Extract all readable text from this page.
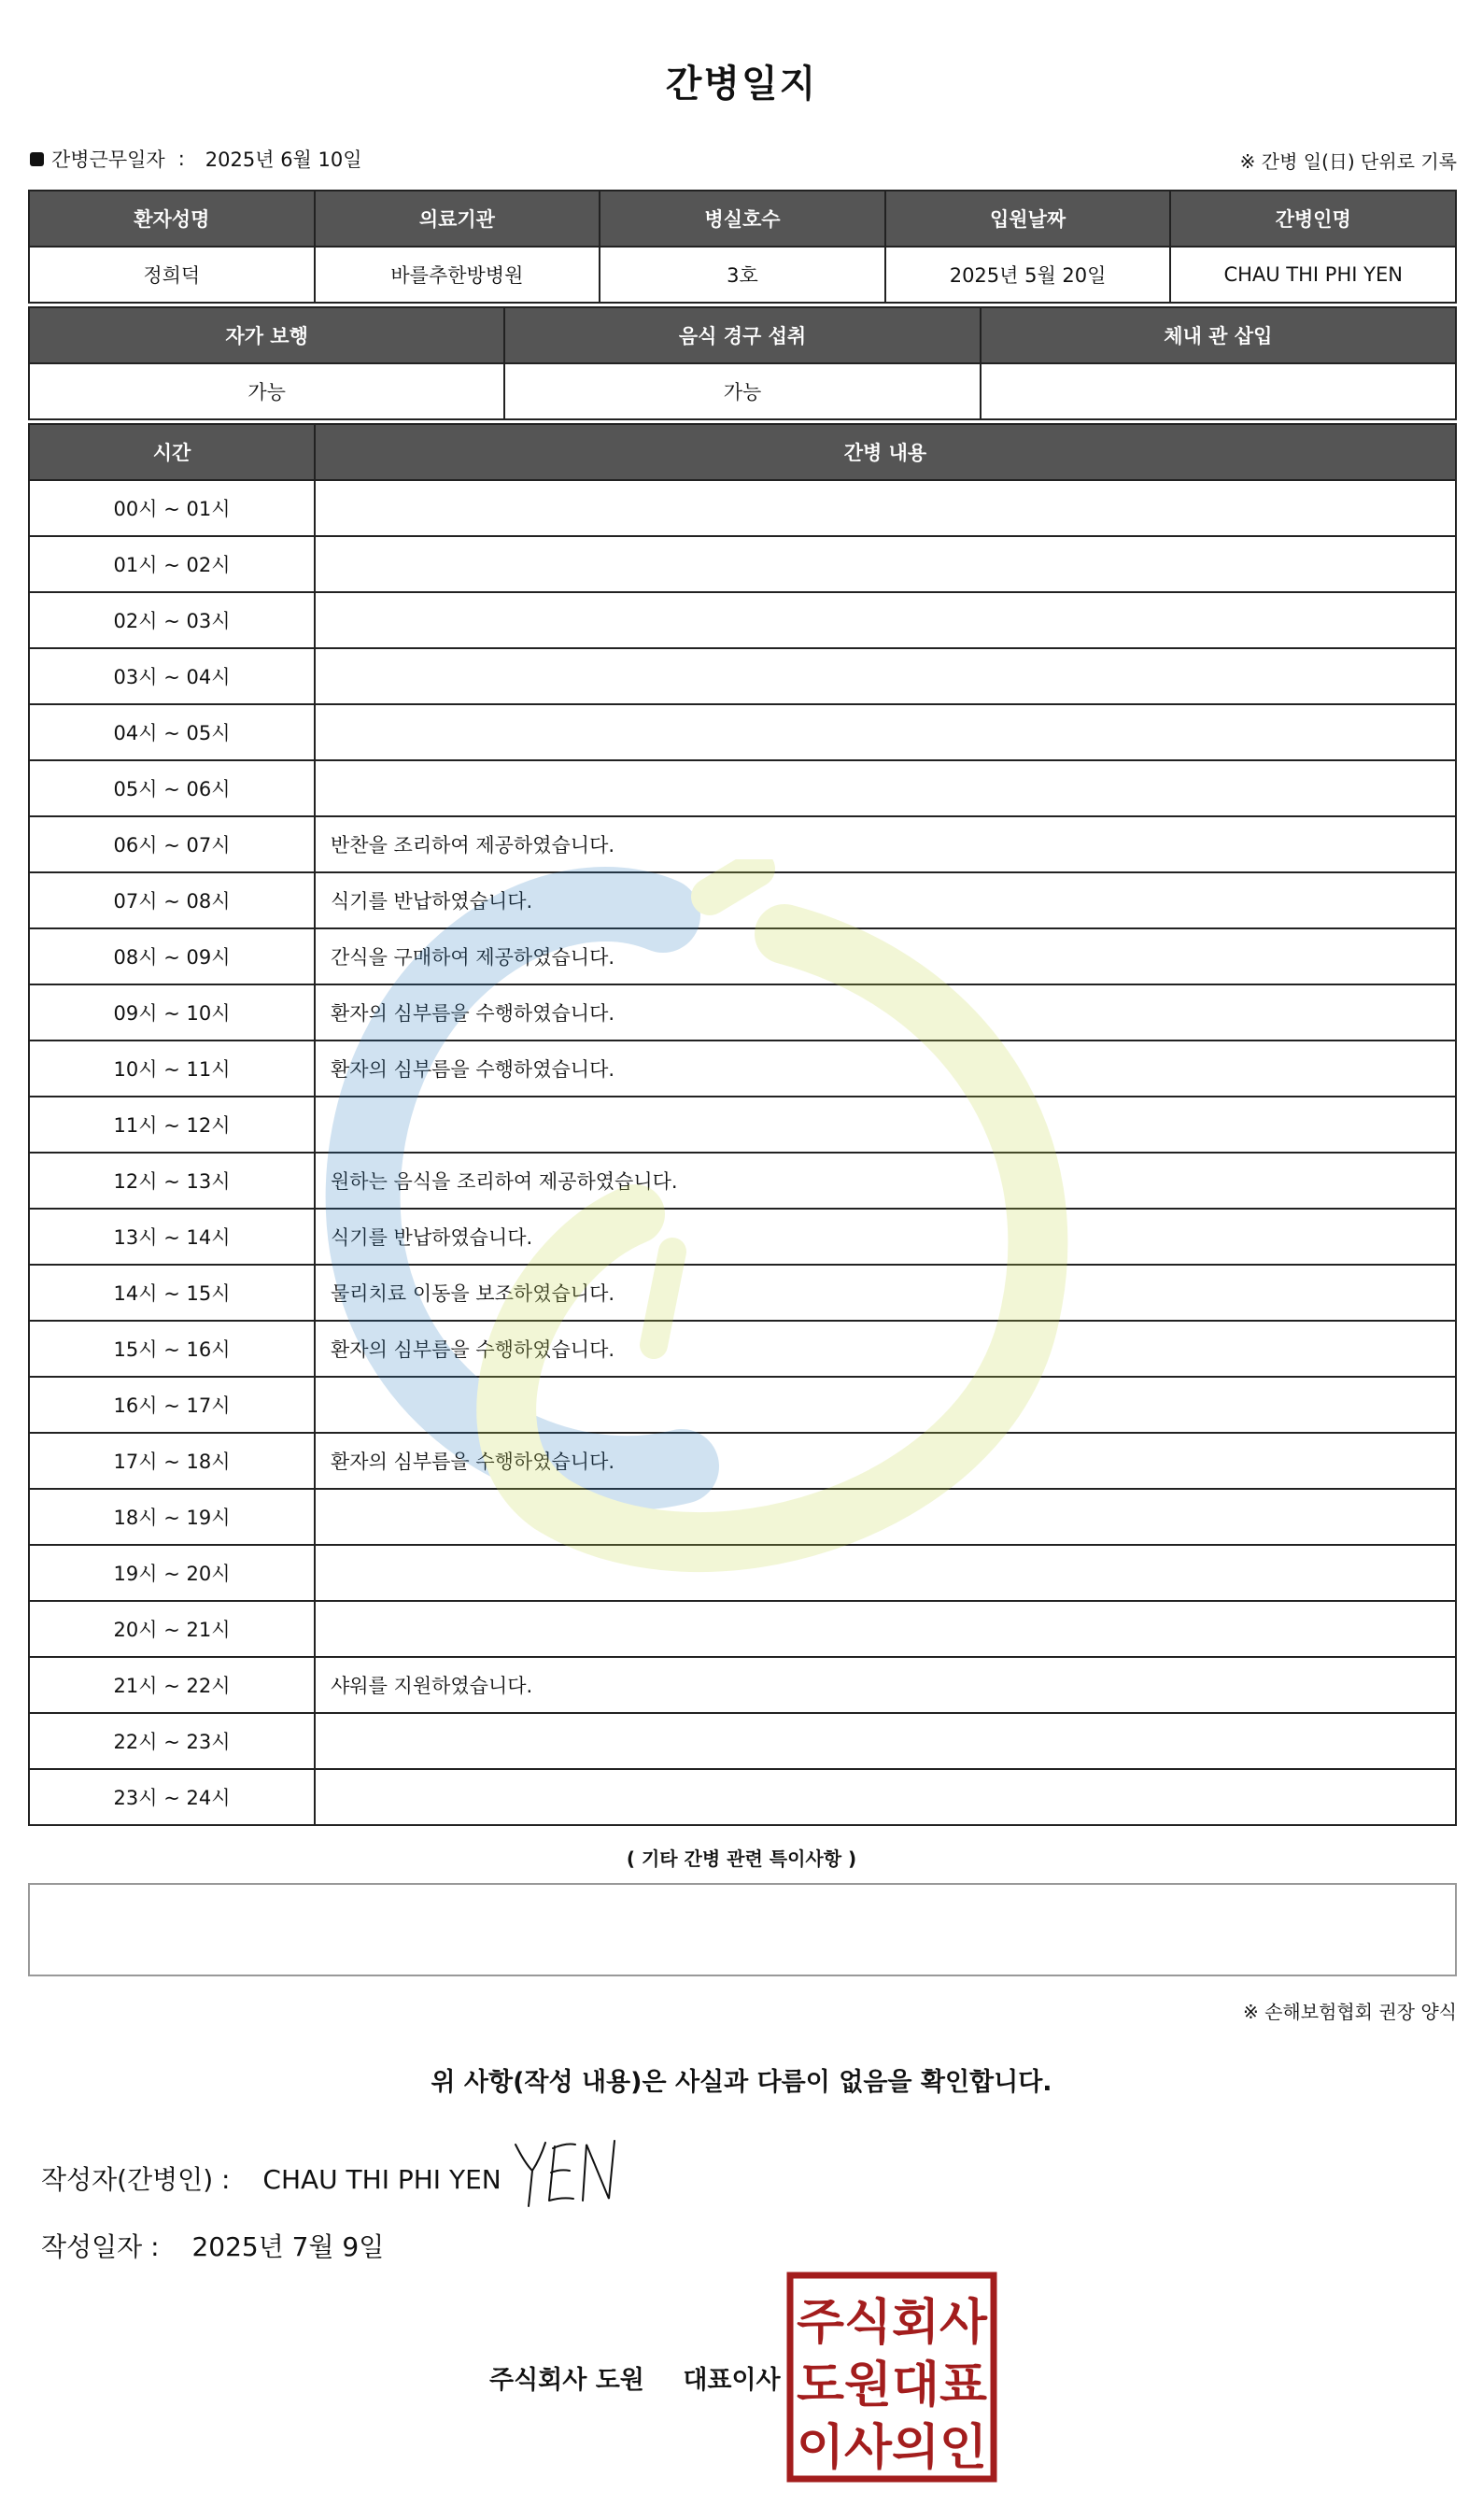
간병일지
간병근무일자 : 2025년 6월 10일	※ 간병 일(日) 단위로 기록
환자성명	의료기관	병실호수	입원날짜	간병인명
정희덕	바를추한방병원	3호	2025년 5월 20일	CHAU THI PHI YEN
자가 보행	음식 경구 섭취	체내 관 삽입
가능	가능	
시간	간병 내용
00시 ~ 01시	
01시 ~ 02시	
02시 ~ 03시	
03시 ~ 04시	
04시 ~ 05시	
05시 ~ 06시	
06시 ~ 07시	반찬을 조리하여 제공하였습니다.
07시 ~ 08시	식기를 반납하였습니다.
08시 ~ 09시	간식을 구매하여 제공하였습니다.
09시 ~ 10시	환자의 심부름을 수행하였습니다.
10시 ~ 11시	환자의 심부름을 수행하였습니다.
11시 ~ 12시	
12시 ~ 13시	원하는 음식을 조리하여 제공하였습니다.
13시 ~ 14시	식기를 반납하였습니다.
14시 ~ 15시	물리치료 이동을 보조하였습니다.
15시 ~ 16시	환자의 심부름을 수행하였습니다.
16시 ~ 17시	
17시 ~ 18시	환자의 심부름을 수행하였습니다.
18시 ~ 19시	
19시 ~ 20시	
20시 ~ 21시	
21시 ~ 22시	샤워를 지원하였습니다.
22시 ~ 23시	
23시 ~ 24시	
( 기타 간병 관련 특이사항 )
※ 손해보험협회 권장 양식
위 사항(작성 내용)은 사실과 다름이 없음을 확인합니다.
작성자(간병인) : CHAU THI PHI YEN
작성일자 : 2025년 7월 9일
주식회사 도원 대표이사
주식회사
도원대표
이사의인
